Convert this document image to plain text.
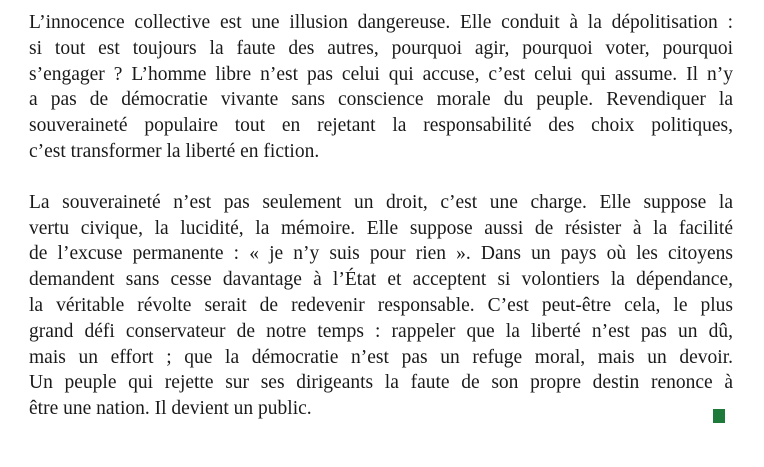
L’innocence collective est une illusion dangereuse. Elle conduit à la dépolitisation :
si tout est toujours la faute des autres, pourquoi agir, pourquoi voter, pourquoi
s’engager ? L’homme libre n’est pas celui qui accuse, c’est celui qui assume. Il n’y
a pas de démocratie vivante sans conscience morale du peuple. Revendiquer la
souveraineté populaire tout en rejetant la responsabilité des choix politiques,
c’est transformer la liberté en fiction.

La souveraineté n’est pas seulement un droit, c’est une charge. Elle suppose la
vertu civique, la lucidité, la mémoire. Elle suppose aussi de résister à la facilité
de l’excuse permanente : « je n’y suis pour rien ». Dans un pays où les citoyens
demandent sans cesse davantage à l’État et acceptent si volontiers la dépendance,
la véritable révolte serait de redevenir responsable. C’est peut-être cela, le plus
grand défi conservateur de notre temps : rappeler que la liberté n’est pas un dû,
mais un effort ; que la démocratie n’est pas un refuge moral, mais un devoir.
Un peuple qui rejette sur ses dirigeants la faute de son propre destin renonce à
être une nation. Il devient un public.
